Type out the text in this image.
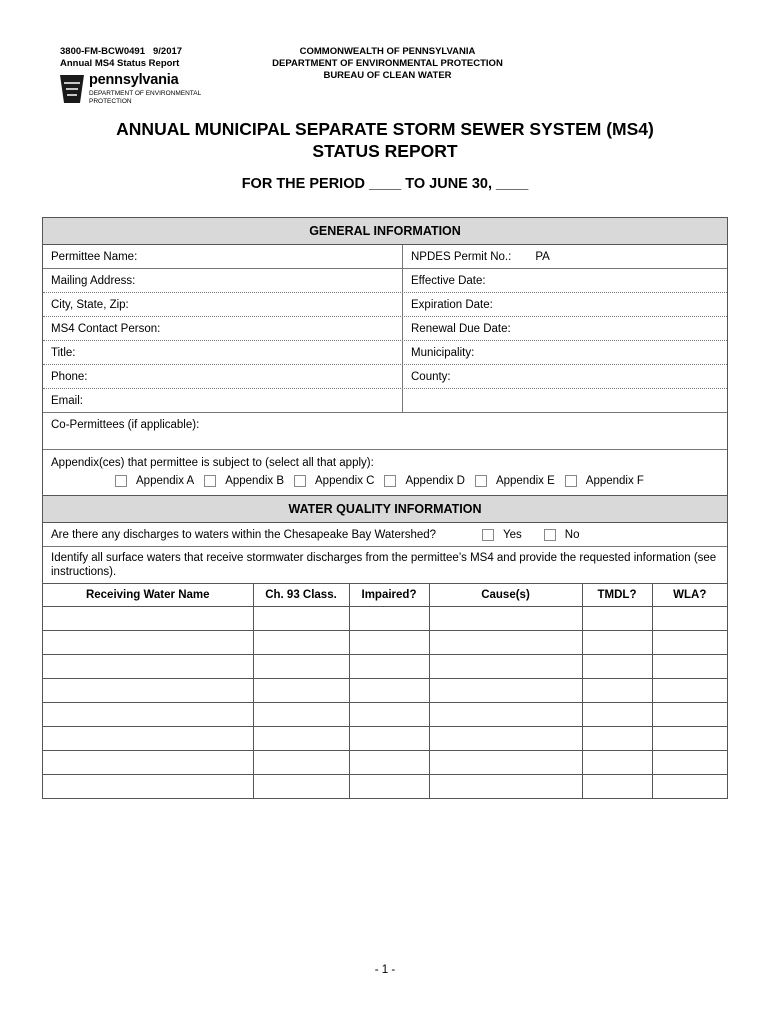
3800-FM-BCW0491 9/2017
Annual MS4 Status Report
pennsylvania
DEPARTMENT OF ENVIRONMENTAL
PROTECTION
COMMONWEALTH OF PENNSYLVANIA
DEPARTMENT OF ENVIRONMENTAL PROTECTION
BUREAU OF CLEAN WATER
ANNUAL MUNICIPAL SEPARATE STORM SEWER SYSTEM (MS4)
STATUS REPORT
FOR THE PERIOD ____ TO JUNE 30, ____
GENERAL INFORMATION
Permittee Name:	NPDES Permit No.: PA
Mailing Address:	Effective Date:
City, State, Zip:	Expiration Date:
MS4 Contact Person:	Renewal Due Date:
Title:	Municipality:
Phone:	County:
Email:
Co-Permittees (if applicable):
Appendix(ces) that permittee is subject to (select all that apply):
Appendix A	Appendix B	Appendix C	Appendix D	Appendix E	Appendix F
WATER QUALITY INFORMATION
Are there any discharges to waters within the Chesapeake Bay Watershed?	Yes	No
Identify all surface waters that receive stormwater discharges from the permittee’s MS4 and provide the requested information (see instructions).
Receiving Water Name	Ch. 93 Class.	Impaired?	Cause(s)	TMDL?	WLA?

- 1 -
